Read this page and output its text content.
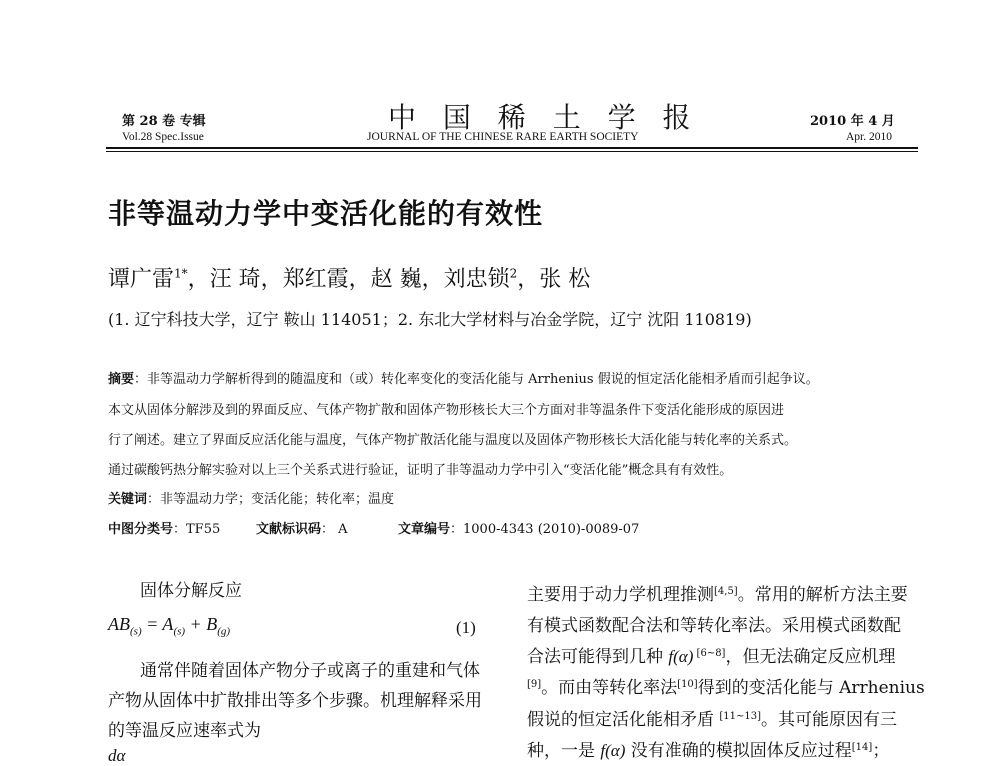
第 28 卷 专辑
Vol.28 Spec.Issue
中 国 稀 土 学 报
JOURNAL OF THE CHINESE RARE EARTH SOCIETY
2010 年 4 月
Apr. 2010
非等温动力学中变活化能的有效性
谭广雷$^{1*}$，汪 琦，郑红霞，赵 巍，刘忠锁$^2$，张 松
(1. 辽宁科技大学，辽宁 鞍山 114051；2. 东北大学材料与冶金学院，辽宁 沈阳 110819)
摘要：非等温动力学解析得到的随温度和（或）转化率变化的变活化能与 Arrhenius 假说的恒定活化能相矛盾而引起争议。
本文从固体分解涉及到的界面反应、气体产物扩散和固体产物形核长大三个方面对非等温条件下变活化能形成的原因进
行了阐述。建立了界面反应活化能与温度，气体产物扩散活化能与温度以及固体产物形核长大活化能与转化率的关系式。
通过碳酸钙热分解实验对以上三个关系式进行验证，证明了非等温动力学中引入“变活化能”概念具有有效性。
关键词：非等温动力学；变活化能；转化率；温度
中图分类号：TF55	文献标识码： A	文章编号：1000-4343 (2010)-0089-07
固体分解反应
$AB_{(s)} = A_{(s)} + B_{(g)}$	(1)
通常伴随着固体产物分子或离子的重建和气体
产物从固体中扩散排出等多个步骤。机理解释采用
的等温反应速率式为
dα
主要用于动力学机理推测[4,5]。常用的解析方法主要
有模式函数配合法和等转化率法。采用模式函数配
合法可能得到几种 f(α) [6~8]，但无法确定反应机理
[9]。而由等转化率法[10]得到的变活化能与 Arrhenius
假说的恒定活化能相矛盾 [11~13]。其可能原因有三
种，一是 f(α) 没有准确的模拟固体反应过程[14]；
